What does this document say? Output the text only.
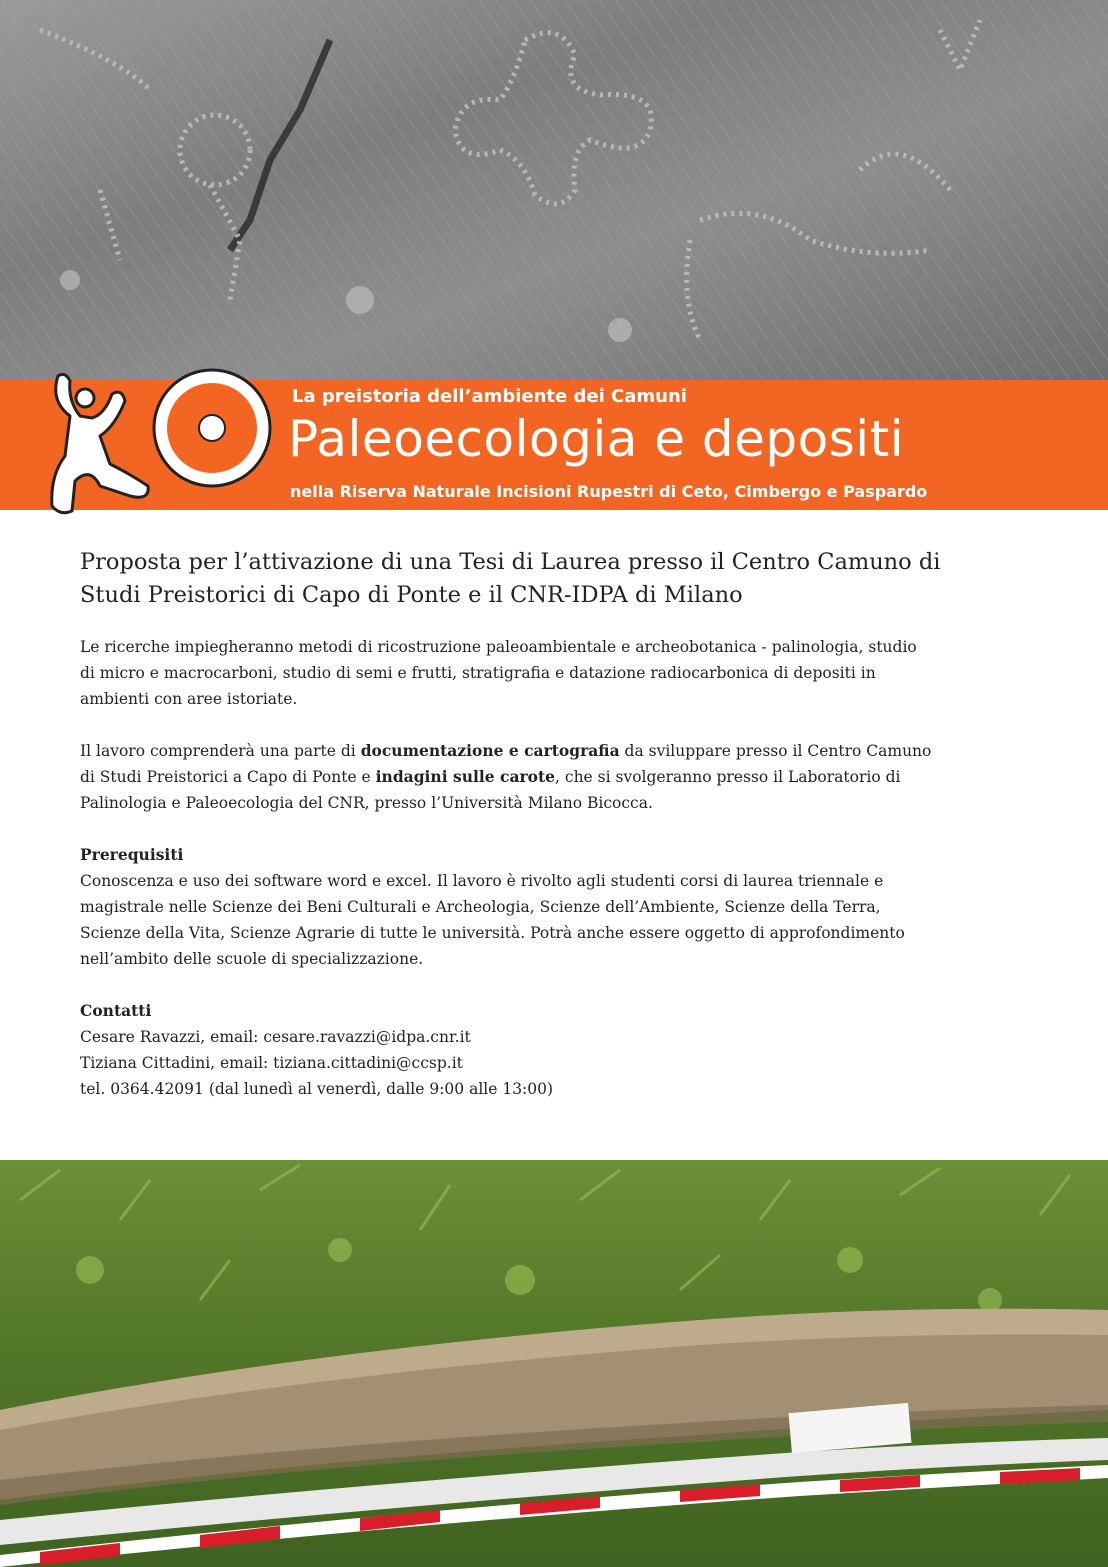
La preistoria dell’ambiente dei Camuni
Paleoecologia e depositi
nella Riserva Naturale Incisioni Rupestri di Ceto, Cimbergo e Paspardo
Proposta per l’attivazione di una Tesi di Laurea presso il Centro Camuno di
Studi Preistorici di Capo di Ponte e il CNR-IDPA di Milano
Le ricerche impiegheranno metodi di ricostruzione paleoambientale e archeobotanica - palinologia, studio
di micro e macrocarboni, studio di semi e frutti, stratigrafia e datazione radiocarbonica di depositi in
ambienti con aree istoriate.
Il lavoro comprenderà una parte di documentazione e cartografia da sviluppare presso il Centro Camuno
di Studi Preistorici a Capo di Ponte e indagini sulle carote, che si svolgeranno presso il Laboratorio di
Palinologia e Paleoecologia del CNR, presso l’Università Milano Bicocca.
Prerequisiti
Conoscenza e uso dei software word e excel. Il lavoro è rivolto agli studenti corsi di laurea triennale e
magistrale nelle Scienze dei Beni Culturali e Archeologia, Scienze dell’Ambiente, Scienze della Terra,
Scienze della Vita, Scienze Agrarie di tutte le università. Potrà anche essere oggetto di approfondimento
nell’ambito delle scuole di specializzazione.
Contatti
Cesare Ravazzi, email: cesare.ravazzi@idpa.cnr.it
Tiziana Cittadini, email: tiziana.cittadini@ccsp.it
tel. 0364.42091 (dal lunedì al venerdì, dalle 9:00 alle 13:00)
